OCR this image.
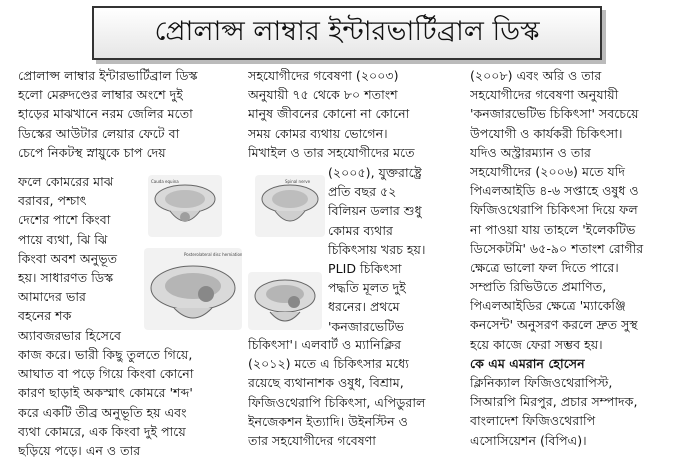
প্রোলাপ্স লাম্বার ইন্টারভার্টিব্রাল ডিস্ক
প্রোলাপ্স লাম্বার ইন্টারভার্টিব্রাল ডিস্ক
হলো মেরুদণ্ডের লাম্বার অংশে দুই
হাড়ের মাঝখানে নরম জেলির মতো
ডিস্কের আউটার লেয়ার ফেটে বা
চেপে নিকটস্থ স্নায়ুকে চাপ দেয়
ফলে কোমরের মাঝ
বরাবর, পশ্চাৎ
দেশের পাশে কিংবা
পায়ে ব্যথা, ঝি ঝি
কিংবা অবশ অনুভূত
হয়। সাধারণত ডিস্ক
আমাদের ভার
বহনের শক
অ্যাবজরভার হিসেবে
কাজ করে। ভারী কিছু তুলতে গিয়ে,
আঘাত বা পড়ে গিয়ে কিংবা কোনো
কারণ ছাড়াই অকস্মাৎ কোমরে 'শব্দ'
করে একটি তীব্র অনুভূতি হয় এবং
ব্যথা কোমরে, এক কিংবা দুই পায়ে
ছড়িয়ে পড়ে। এন ও তার
সহযোগীদের গবেষণা (২০০৩)
অনুযায়ী ৭৫ থেকে ৮০ শতাংশ
মানুষ জীবনের কোনো না কোনো
সময় কোমর ব্যথায় ভোগেন।
মিখাইল ও তার সহযোগীদের মতে
(২০০৫), যুক্তরাষ্ট্রে
প্রতি বছর ৫২
বিলিয়ন ডলার শুধু
কোমর ব্যথার
চিকিৎসায় খরচ হয়।
PLID চিকিৎসা
পদ্ধতি মূলত দুই
ধরনের। প্রথমে
'কনজারভেটিভ
চিকিৎসা'। এলবার্ট ও ম্যানিক্লির
(২০১২) মতে এ চিকিৎসার মধ্যে
রয়েছে ব্যথানাশক ওষুধ, বিশ্রাম,
ফিজিওথেরাপি চিকিৎসা, এপিডুরাল
ইনজেকশন ইত্যাদি। উইনস্টিন ও
তার সহযোগীদের গবেষণা
(২০০৮) এবং অরি ও তার
সহযোগীদের গবেষণা অনুযায়ী
'কনজারভেটিভ চিকিৎসা' সবচেয়ে
উপযোগী ও কার্যকরী চিকিৎসা।
যদিও অস্ট্রারম্যান ও তার
সহযোগীদের (২০০৬) মতে যদি
পিএলআইডি ৪-৬ সপ্তাহে ওষুধ ও
ফিজিওথেরাপি চিকিৎসা দিয়ে ফল
না পাওয়া যায় তাহলে 'ইলেকটিভ
ডিসেকটমি' ৬৫-৯০ শতাংশ রোগীর
ক্ষেত্রে ভালো ফল দিতে পারে।
সম্প্রতি রিভিউতে প্রমাণিত,
পিএলআইডির ক্ষেত্রে 'ম্যাকেঞ্জি
কনসেন্ট' অনুসরণ করলে দ্রুত সুস্থ
হয়ে কাজে ফেরা সম্ভব হয়।
কে এম এমরান হোসেন
ক্লিনিক্যাল ফিজিওথেরাপিস্ট,
সিআরপি মিরপুর, প্রচার সম্পাদক,
বাংলাদেশ ফিজিওথেরাপি
এসোসিয়েশন (বিপিএ)।
Cauda equina	Spinal nerve
Posterolateral disc herniation
